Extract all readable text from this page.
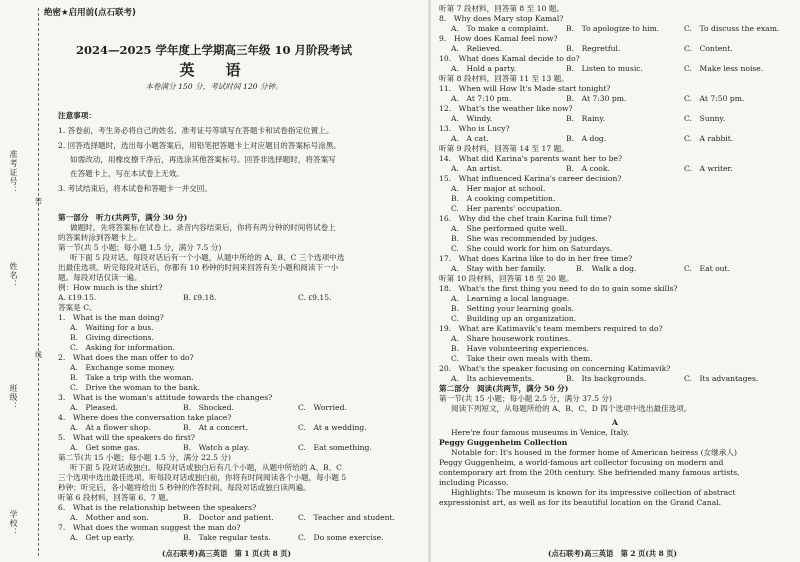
准考证号：
姓名：
班级：
学校：
密
线
绝密★启用前(点石联考)
2024—2025 学年度上学期高三年级 10 月阶段考试
英　语
本卷满分 150 分，考试时间 120 分钟。
注意事项：
1. 答卷前，考生务必将自己的姓名、准考证号等填写在答题卡和试卷指定位置上。
2. 回答选择题时，选出每小题答案后，用铅笔把答题卡上对应题目的答案标号涂黑。
如需改动，用橡皮擦干净后，再选涂其他答案标号。回答非选择题时，将答案写
在答题卡上，写在本试卷上无效。
3. 考试结束后，将本试卷和答题卡一并交回。
第一部分　听力(共两节，满分 30 分)
做题时，先将答案标在试卷上。录音内容结束后，你将有两分钟的时间将试卷上
的答案转涂到答题卡上。
第一节(共 5 小题；每小题 1.5 分，满分 7.5 分)
听下面 5 段对话。每段对话后有一个小题，从题中所给的 A、B、C 三个选项中选
出最佳选项。听完每段对话后，你都有 10 秒钟的时间来回答有关小题和阅读下一小
题。每段对话仅读一遍。
例：How much is the shirt?
A. ₤19.15.	B. ₤9.18.	C. ₤9.15.
答案是 C。
1.　What is the man doing?
A.　Waiting for a bus.
B.　Giving directions.
C.　Asking for information.
2.　What does the man offer to do?
A.　Exchange some money.
B.　Take a trip with the woman.
C.　Drive the woman to the bank.
3.　What is the woman's attitude towards the changes?
A.　Pleased.	B.　Shocked.	C.　Worried.
4.　Where does the conversation take place?
A.　At a flower shop.	B.　At a concert.	C.　At a wedding.
5.　What will the speakers do first?
A.　Get some gas.	B.　Watch a play.	C.　Eat something.
第二节(共 15 小题；每小题 1.5 分，满分 22.5 分)
听下面 5 段对话或独白。每段对话或独白后有几个小题，从题中所给的 A、B、C
三个选项中选出最佳选项。听每段对话或独白前，你将有时间阅读各个小题，每小题 5
秒钟；听完后，各小题将给出 5 秒钟的作答时间。每段对话或独白读两遍。
听第 6 段材料，回答第 6、7 题。
6.　What is the relationship between the speakers?
A.　Mother and son.	B.　Doctor and patient.	C.　Teacher and student.
7.　What does the woman suggest the man do?
A.　Get up early.	B.　Take regular tests.	C.　Do some exercise.
(点石联考)高三英语　第 1 页(共 8 页)
听第 7 段材料，回答第 8 至 10 题。
8.　Why does Mary stop Kamal?
A.　To make a complaint. B.　To apologize to him.	C.　To discuss the exam.
9.　How does Kamal feel now?
A.　Relieved.	B.　Regretful.	C.　Content.
10.　What does Kamal decide to do?
A.　Hold a party.	B.　Listen to music.	C.　Make less noise.
听第 8 段材料，回答第 11 至 13 题。
11.　When will How It's Made start tonight?
A.　At 7:10 pm.	B.　At 7:30 pm.	C.　At 7:50 pm.
12.　What's the weather like now?
A.　Windy.	B.　Rainy.	C.　Sunny.
13.　Who is Lucy?
A.　A cat.	B.　A dog.	C.　A rabbit.
听第 9 段材料，回答第 14 至 17 题。
14.　What did Karina's parents want her to be?
A.　An artist.	B.　A cook.	C.　A writer.
15.　What influenced Karina's career decision?
A.　Her major at school.
B.　A cooking competition.
C.　Her parents' occupation.
16.　Why did the chef train Karina full time?
A.　She performed quite well.
B.　She was recommended by judges.
C.　She could work for him on Saturdays.
17.　What does Karina like to do in her free time?
A.　Stay with her family.	B.　Walk a dog.	C.　Eat out.
听第 10 段材料，回答第 18 至 20 题。
18.　What's the first thing you need to do to gain some skills?
A.　Learning a local language.
B.　Setting your learning goals.
C.　Building up an organization.
19.　What are Katimavik's team members required to do?
A.　Share housework routines.
B.　Have volunteering experiences.
C.　Take their own meals with them.
20.　What's the speaker focusing on concerning Katimavik?
A.　Its achievements.	B.　Its backgrounds.	C.　Its advantages.
第二部分　阅读(共两节，满分 50 分)
第一节(共 15 小题；每小题 2.5 分，满分 37.5 分)
阅读下列短文，从每题所给的 A、B、C、D 四个选项中选出最佳选项。
A
Here're four famous museums in Venice, Italy.
Peggy Guggenheim Collection
Notable for: It's housed in the former home of American heiress (女继承人)
Peggy Guggenheim, a world-famous art collector focusing on modern and
contemporary art from the 20th century. She befriended many famous artists,
including Picasso.
Highlights: The museum is known for its impressive collection of abstract
expressionist art, as well as for its beautiful location on the Grand Canal.
(点石联考)高三英语　第 2 页(共 8 页)
